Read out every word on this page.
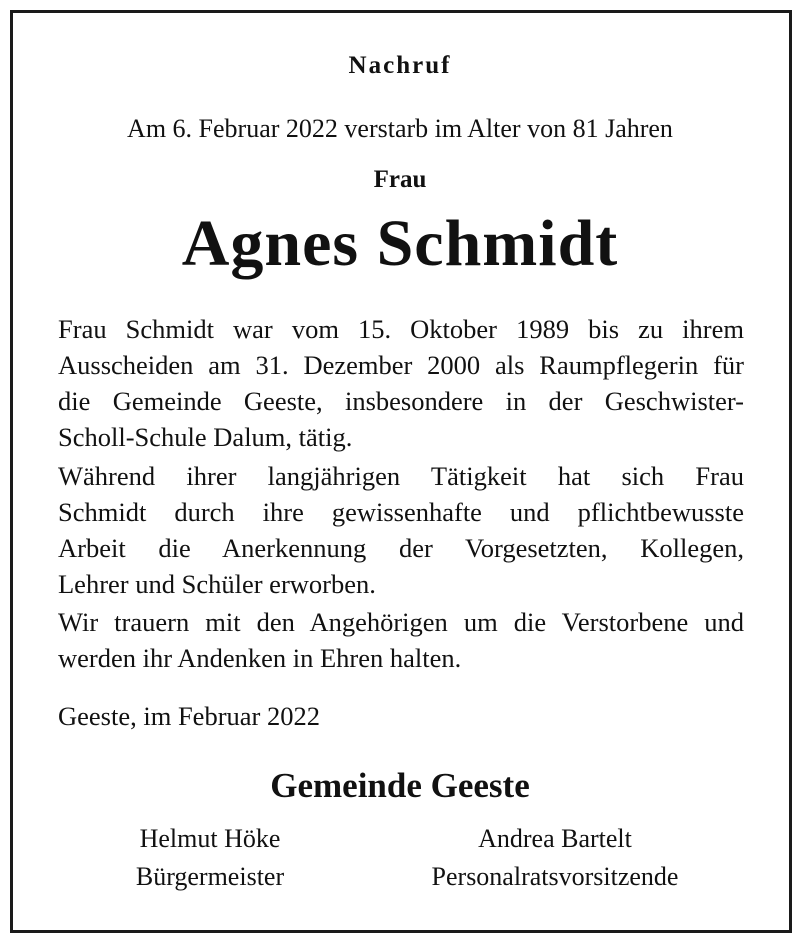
Nachruf
Am 6. Februar 2022 verstarb im Alter von 81 Jahren
Frau
Agnes Schmidt
Frau Schmidt war vom 15. Oktober 1989 bis zu ihrem
Ausscheiden am 31. Dezember 2000 als Raumpflegerin für
die Gemeinde Geeste, insbesondere in der Geschwister-
Scholl-Schule Dalum, tätig.
Während ihrer langjährigen Tätigkeit hat sich Frau
Schmidt durch ihre gewissenhafte und pflichtbewusste
Arbeit die Anerkennung der Vorgesetzten, Kollegen,
Lehrer und Schüler erworben.
Wir trauern mit den Angehörigen um die Verstorbene und
werden ihr Andenken in Ehren halten.
Geeste, im Februar 2022
Gemeinde Geeste
Helmut Höke
Bürgermeister
Andrea Bartelt
Personalratsvorsitzende
